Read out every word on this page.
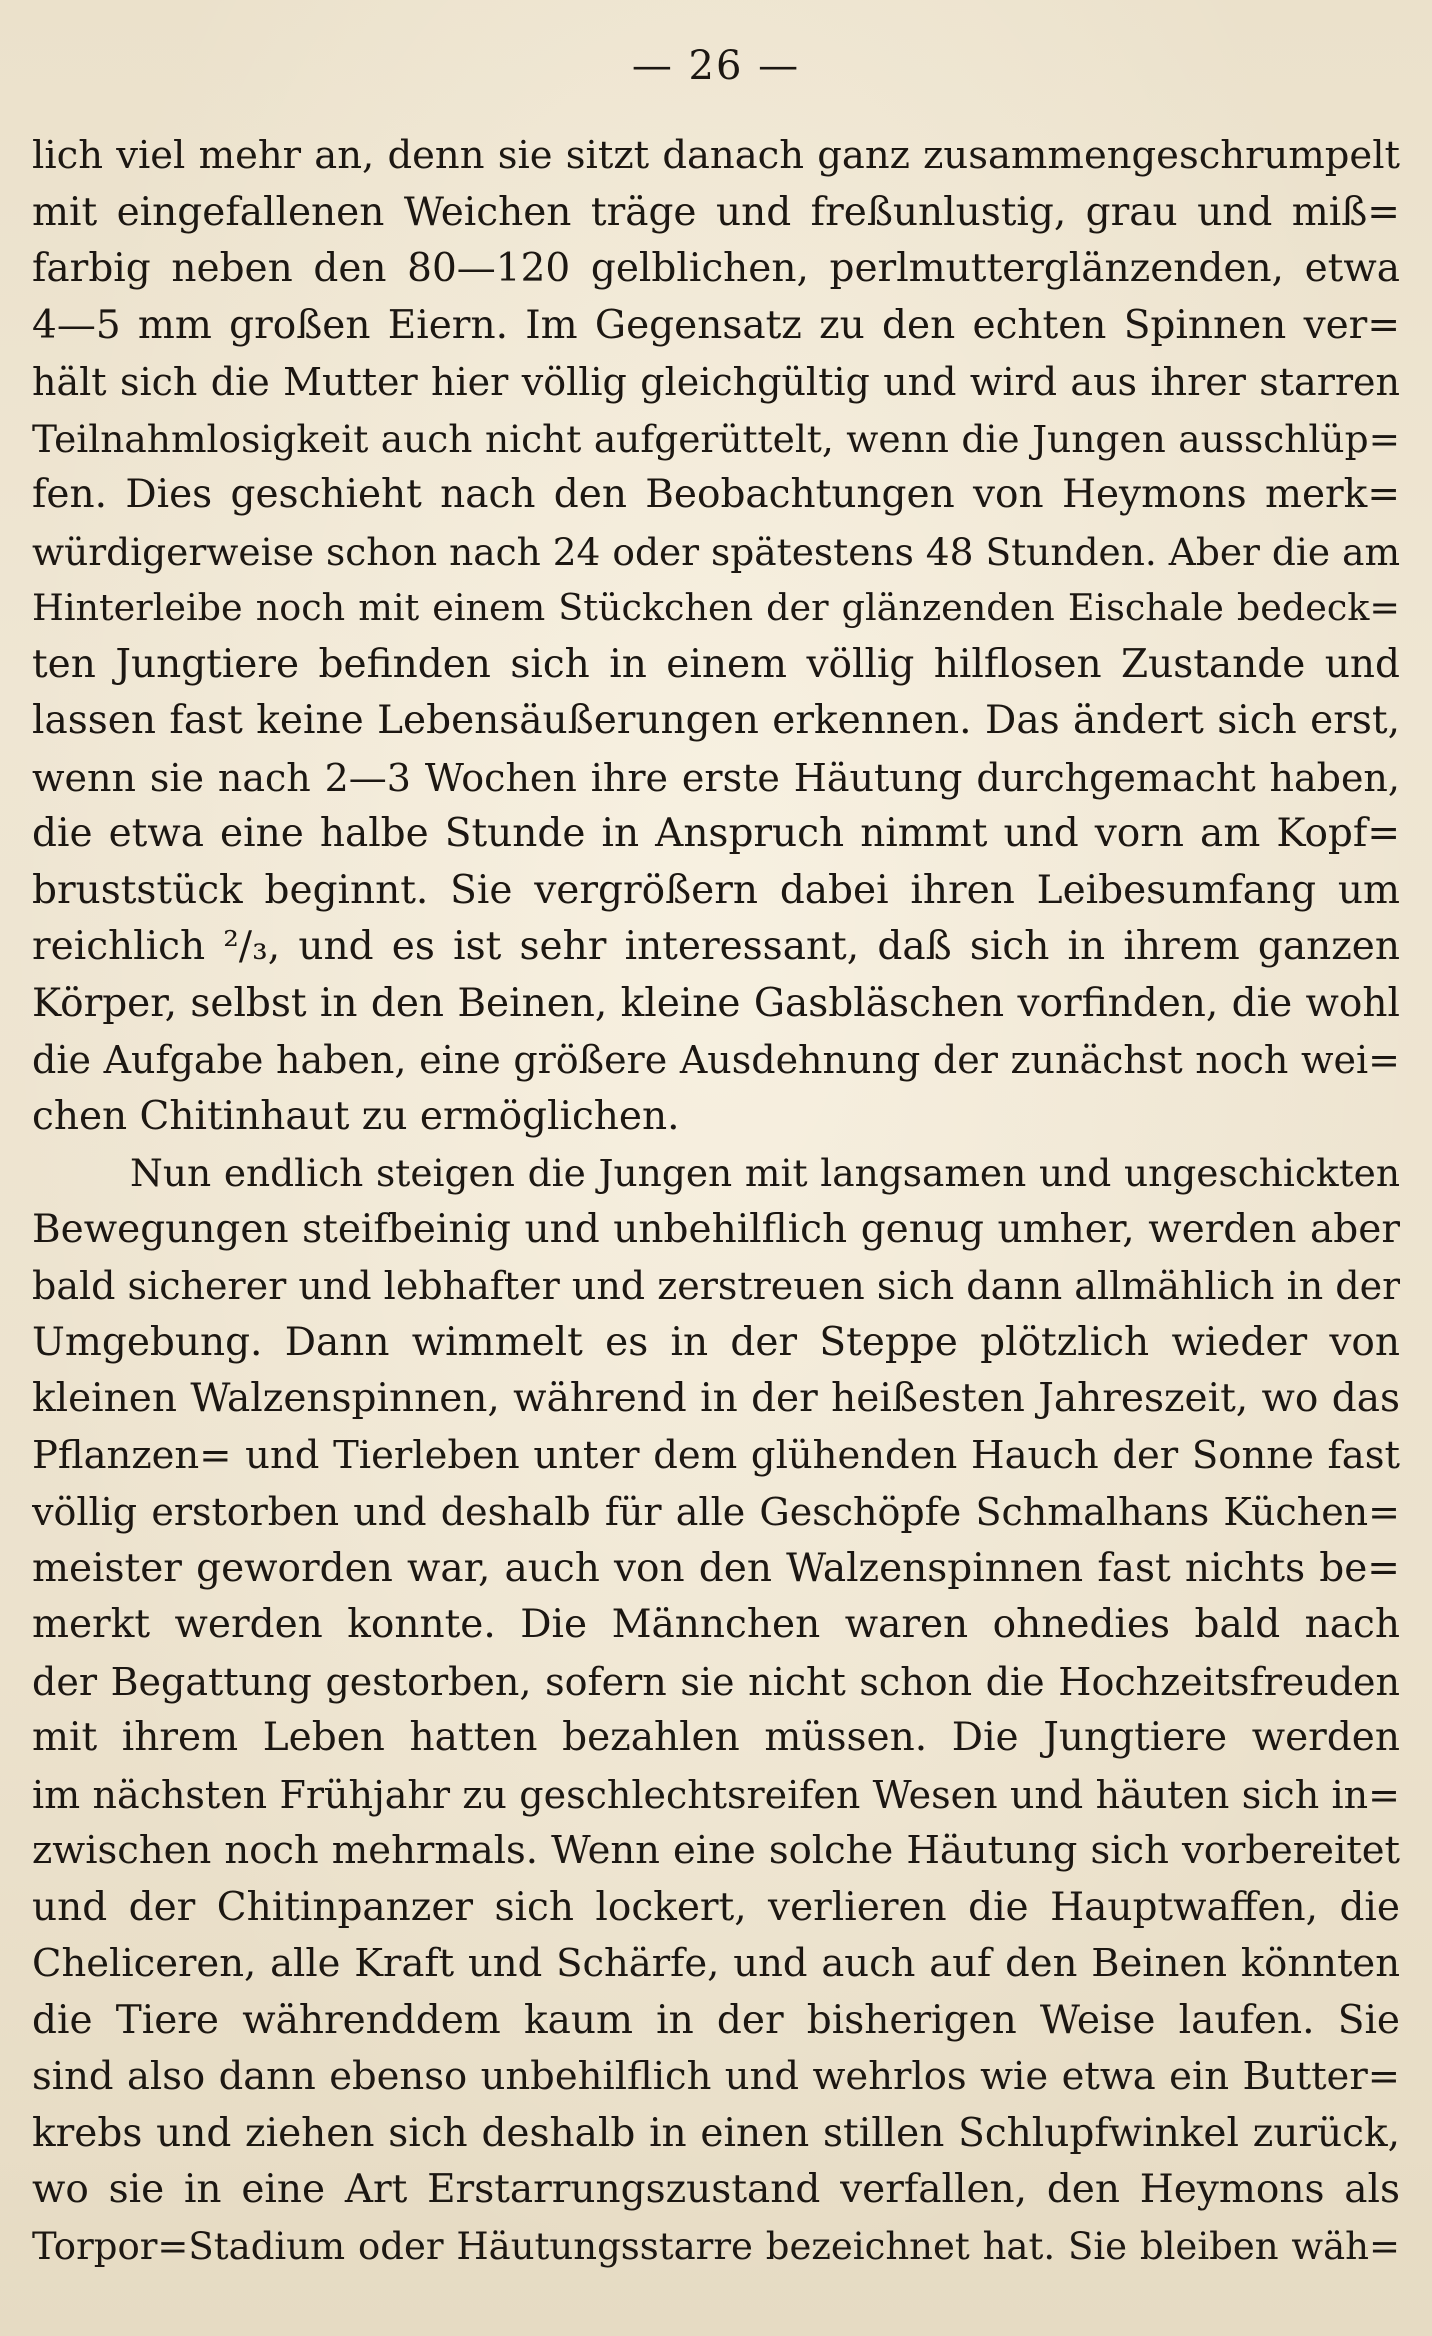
— 26 —
lich viel mehr an, denn sie sitzt danach ganz zusammengeschrumpelt
mit eingefallenen Weichen träge und freßunlustig, grau und miß=
farbig neben den 80—120 gelblichen, perlmutterglänzenden, etwa
4—5 mm großen Eiern. Im Gegensatz zu den echten Spinnen ver=
hält sich die Mutter hier völlig gleichgültig und wird aus ihrer starren
Teilnahmlosigkeit auch nicht aufgerüttelt, wenn die Jungen ausschlüp=
fen. Dies geschieht nach den Beobachtungen von Heymons merk=
würdigerweise schon nach 24 oder spätestens 48 Stunden. Aber die am
Hinterleibe noch mit einem Stückchen der glänzenden Eischale bedeck=
ten Jungtiere befinden sich in einem völlig hilflosen Zustande und
lassen fast keine Lebensäußerungen erkennen. Das ändert sich erst,
wenn sie nach 2—3 Wochen ihre erste Häutung durchgemacht haben,
die etwa eine halbe Stunde in Anspruch nimmt und vorn am Kopf=
bruststück beginnt. Sie vergrößern dabei ihren Leibesumfang um
reichlich ²/₃, und es ist sehr interessant, daß sich in ihrem ganzen
Körper, selbst in den Beinen, kleine Gasbläschen vorfinden, die wohl
die Aufgabe haben, eine größere Ausdehnung der zunächst noch wei=
chen Chitinhaut zu ermöglichen.
Nun endlich steigen die Jungen mit langsamen und ungeschickten
Bewegungen steifbeinig und unbehilflich genug umher, werden aber
bald sicherer und lebhafter und zerstreuen sich dann allmählich in der
Umgebung. Dann wimmelt es in der Steppe plötzlich wieder von
kleinen Walzenspinnen, während in der heißesten Jahreszeit, wo das
Pflanzen= und Tierleben unter dem glühenden Hauch der Sonne fast
völlig erstorben und deshalb für alle Geschöpfe Schmalhans Küchen=
meister geworden war, auch von den Walzenspinnen fast nichts be=
merkt werden konnte. Die Männchen waren ohnedies bald nach
der Begattung gestorben, sofern sie nicht schon die Hochzeitsfreuden
mit ihrem Leben hatten bezahlen müssen. Die Jungtiere werden
im nächsten Frühjahr zu geschlechtsreifen Wesen und häuten sich in=
zwischen noch mehrmals. Wenn eine solche Häutung sich vorbereitet
und der Chitinpanzer sich lockert, verlieren die Hauptwaffen, die
Cheliceren, alle Kraft und Schärfe, und auch auf den Beinen könnten
die Tiere währenddem kaum in der bisherigen Weise laufen. Sie
sind also dann ebenso unbehilflich und wehrlos wie etwa ein Butter=
krebs und ziehen sich deshalb in einen stillen Schlupfwinkel zurück,
wo sie in eine Art Erstarrungszustand verfallen, den Heymons als
Torpor=Stadium oder Häutungsstarre bezeichnet hat. Sie bleiben wäh=
